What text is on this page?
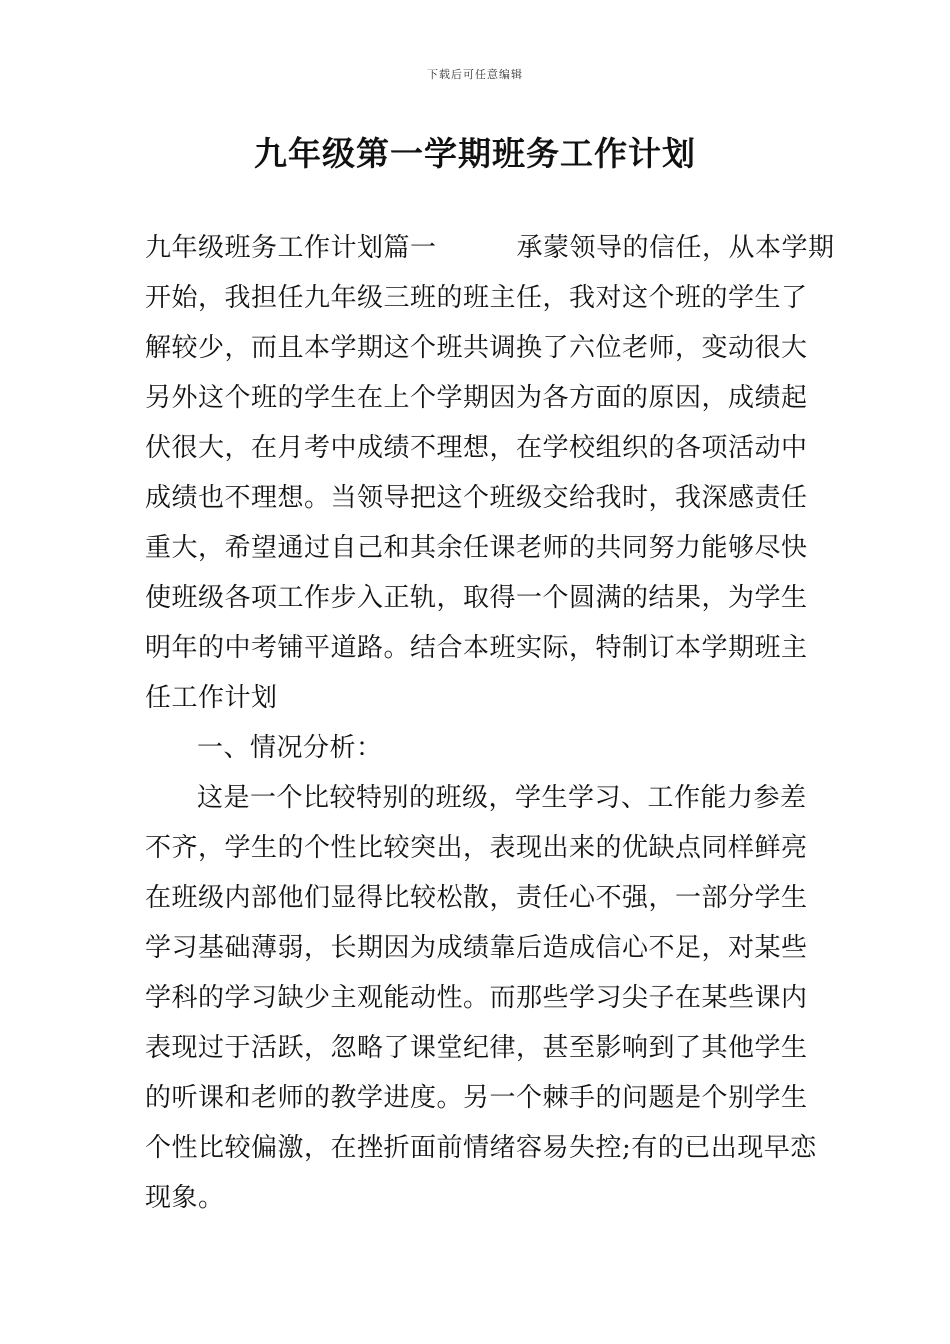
下载后可任意编辑
九年级第一学期班务工作计划
九年级班务工作计划篇一	承蒙领导的信任，从本学期
开始，我担任九年级三班的班主任，我对这个班的学生了
解较少，而且本学期这个班共调换了六位老师，变动很大
另外这个班的学生在上个学期因为各方面的原因，成绩起
伏很大，在月考中成绩不理想，在学校组织的各项活动中
成绩也不理想。当领导把这个班级交给我时，我深感责任
重大，希望通过自己和其余任课老师的共同努力能够尽快
使班级各项工作步入正轨，取得一个圆满的结果，为学生
明年的中考铺平道路。结合本班实际，特制订本学期班主
任工作计划
一、情况分析：
这是一个比较特别的班级，学生学习、工作能力参差
不齐，学生的个性比较突出，表现出来的优缺点同样鲜亮
在班级内部他们显得比较松散，责任心不强，一部分学生
学习基础薄弱，长期因为成绩靠后造成信心不足，对某些
学科的学习缺少主观能动性。而那些学习尖子在某些课内
表现过于活跃，忽略了课堂纪律，甚至影响到了其他学生
的听课和老师的教学进度。另一个棘手的问题是个别学生
个性比较偏激，在挫折面前情绪容易失控;有的已出现早恋
现象。
